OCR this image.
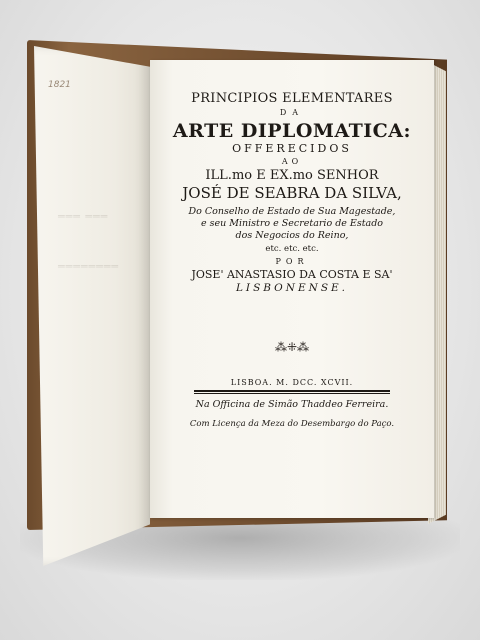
1821
═══ ═══
════════
PRINCIPIOS ELEMENTARES
DA
ARTE DIPLOMATICA:
OFFERECIDOS
AO
ILL.mo E EX.mo SENHOR
JOSÉ DE SEABRA DA SILVA,
Do Conselho de Estado de Sua Magestade,
e seu Ministro e Secretario de Estado
dos Negocios do Reino,
etc. etc. etc.
POR
JOSE' ANASTASIO DA COSTA E SA'
LISBONENSE.
⁂⁜⁂
LISBOA. M. DCC. XCVII.
Na Officina de Simão Thaddeo Ferreira.
Com Licença da Meza do Desembargo do Paço.
